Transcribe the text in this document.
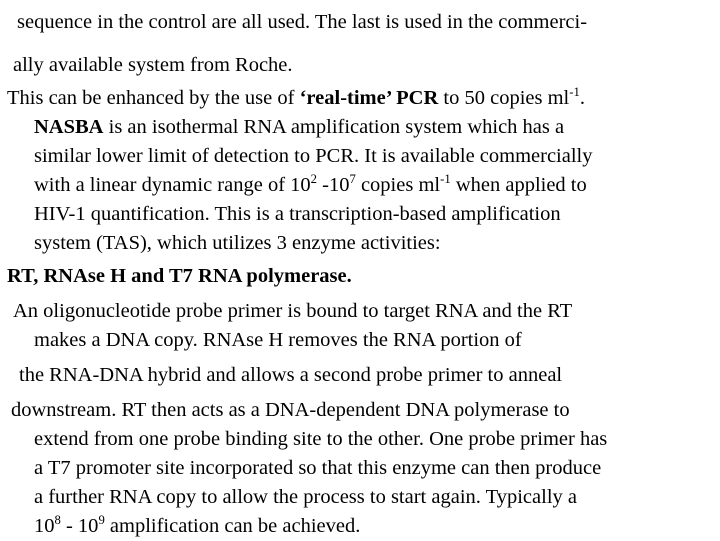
sequence in the control are all used. The last is used in the commerci-
ally available system from Roche.
This can be enhanced by the use of ‘real-time’ PCR to 50 copies $ml^{-1}$.
NASBA is an isothermal RNA amplification system which has a
similar lower limit of detection to PCR. It is available commercially
with a linear dynamic range of $10^2$ $-10^7$ copies $ml^{-1}$ when applied to
HIV-1 quantification. This is a transcription-based amplification
system (TAS), which utilizes 3 enzyme activities:
RT, RNAse H and T7 RNA polymerase.
An oligonucleotide probe primer is bound to target RNA and the RT
makes a DNA copy. RNAse H removes the RNA portion of
the RNA-DNA hybrid and allows a second probe primer to anneal
downstream. RT then acts as a DNA-dependent DNA polymerase to
extend from one probe binding site to the other. One probe primer has
a T7 promoter site incorporated so that this enzyme can then produce
a further RNA copy to allow the process to start again. Typically a
$10^8 - 10^9$ amplification can be achieved.
